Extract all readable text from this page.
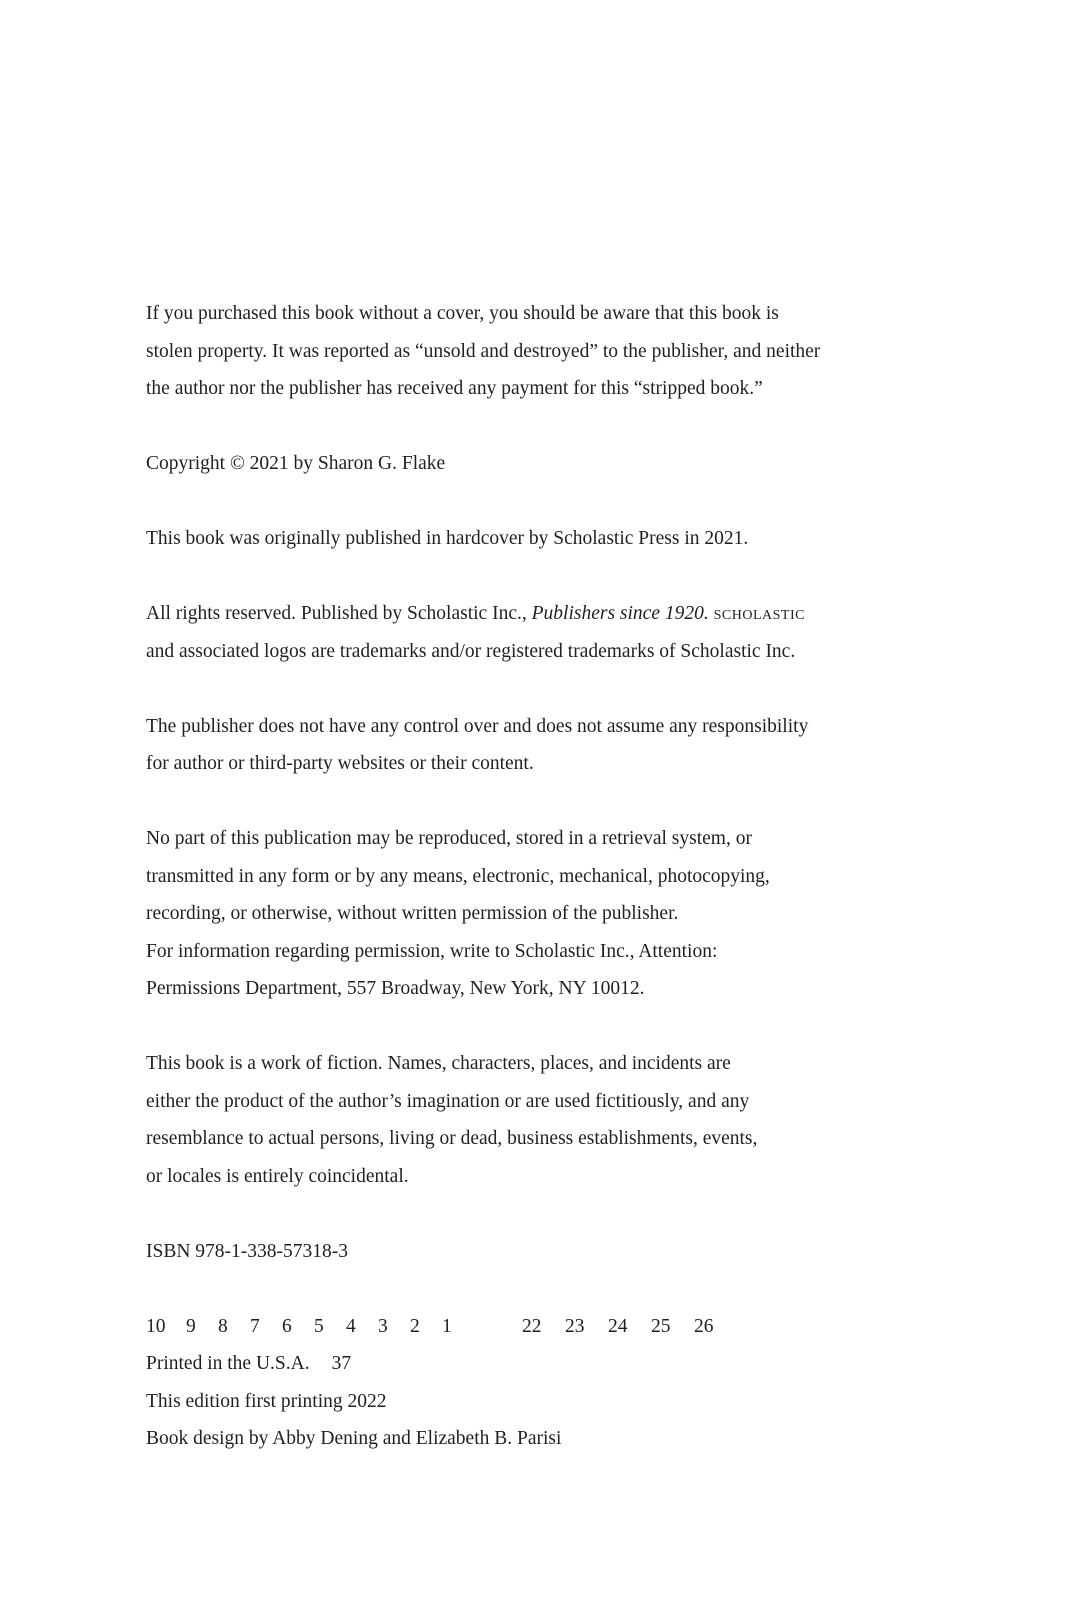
If you purchased this book without a cover, you should be aware that this book is
stolen property. It was reported as “unsold and destroyed” to the publisher, and neither
the author nor the publisher has received any payment for this “stripped book.”

Copyright © 2021 by Sharon G. Flake

This book was originally published in hardcover by Scholastic Press in 2021.

All rights reserved. Published by Scholastic Inc., Publishers since 1920. scholastic
and associated logos are trademarks and/or registered trademarks of Scholastic Inc.

The publisher does not have any control over and does not assume any responsibility
for author or third-party websites or their content.

No part of this publication may be reproduced, stored in a retrieval system, or
transmitted in any form or by any means, electronic, mechanical, photocopying,
recording, or otherwise, without written permission of the publisher.
For information regarding permission, write to Scholastic Inc., Attention:
Permissions Department, 557 Broadway, New York, NY 10012.

This book is a work of fiction. Names, characters, places, and incidents are
either the product of the author’s imagination or are used fictitiously, and any
resemblance to actual persons, living or dead, business establishments, events,
or locales is entirely coincidental.

ISBN 978-1-338-57318-3

10 9 8 7 6 5 4 3 2 1	22 23 24 25 26
Printed in the U.S.A. 37
This edition first printing 2022
Book design by Abby Dening and Elizabeth B. Parisi
